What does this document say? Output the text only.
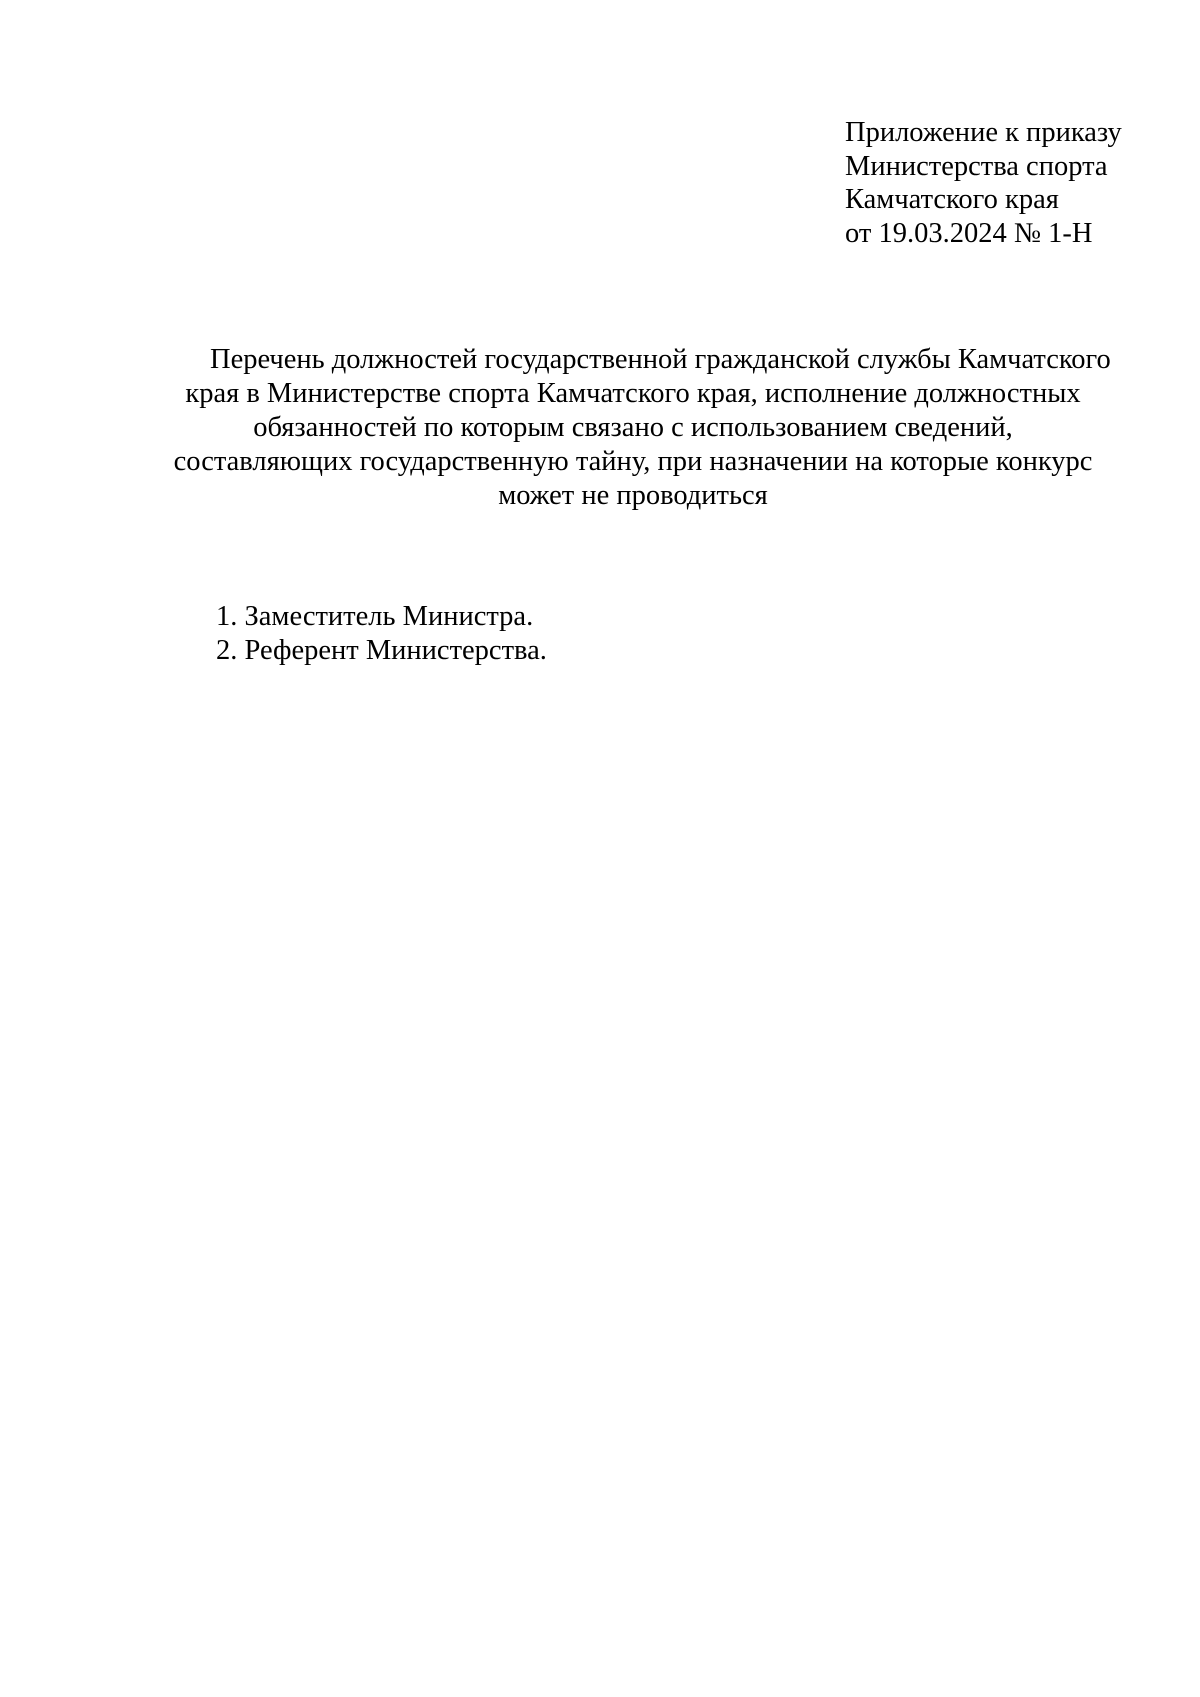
Приложение к приказу
Министерства спорта
Камчатского края
от 19.03.2024 № 1-Н
Перечень должностей государственной гражданской службы Камчатского
края в Министерстве спорта Камчатского края, исполнение должностных
обязанностей по которым связано с использованием сведений,
составляющих государственную тайну, при назначении на которые конкурс
может не проводиться
1. Заместитель Министра.
2. Референт Министерства.
